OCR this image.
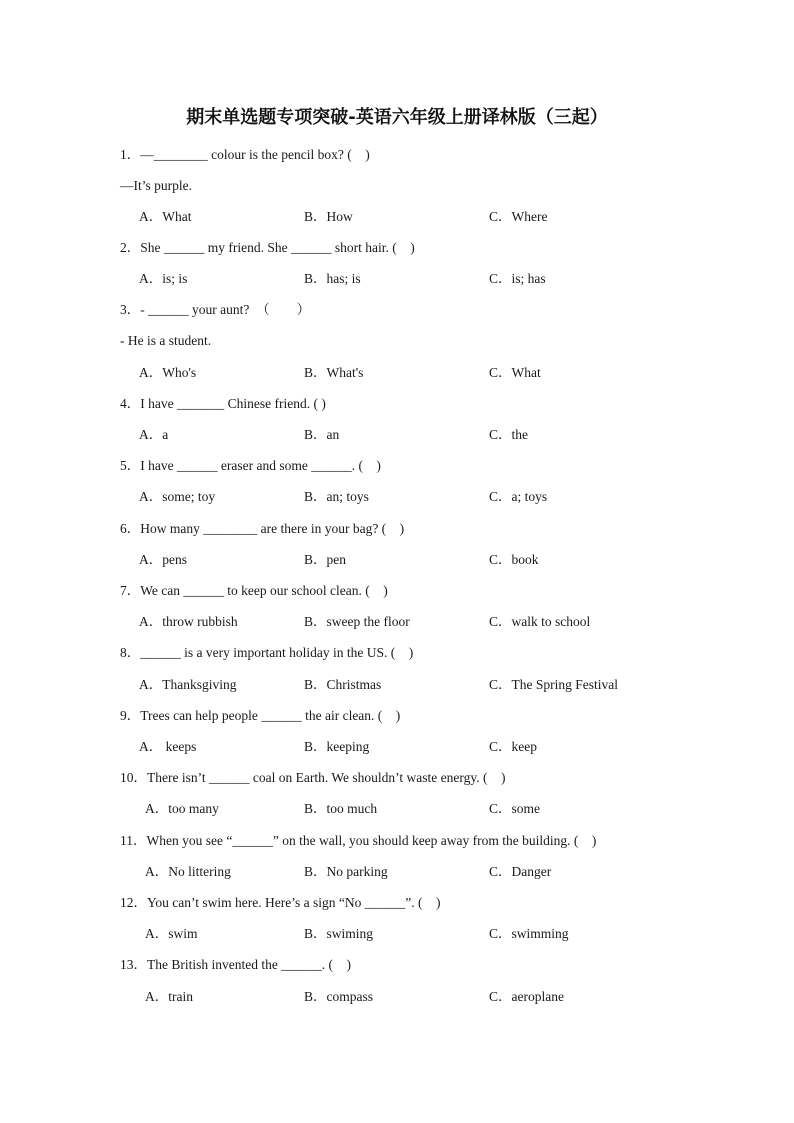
期末单选题专项突破-英语六年级上册译林版（三起）
1．—________ colour is the pencil box? (　)
—It’s purple.
A．What	B．How	C．Where
2．She ______ my friend. She ______ short hair. (　)
A．is; is	B．has; is	C．is; has
3．- ______ your aunt?　（　　）
- He is a student.
A．Who's	B．What's	C．What
4．I have _______ Chinese friend. ( )
A．a	B．an	C．the
5．I have ______ eraser and some ______. (　)
A．some; toy	B．an; toys	C．a; toys
6．How many ________ are there in your bag? (　)
A．pens	B．pen	C．book
7．We can ______ to keep our school clean. (　)
A．throw rubbish	B．sweep the floor	C．walk to school
8．______ is a very important holiday in the US. (　)
A．Thanksgiving	B．Christmas	C．The Spring Festival
9．Trees can help people ______ the air clean. (　)
A． keeps	B．keeping	C．keep
10．There isn’t ______ coal on Earth. We shouldn’t waste energy. (　)
A．too many	B．too much	C．some
11．When you see “______” on the wall, you should keep away from the building. (　)
A．No littering	B．No parking	C．Danger
12．You can’t swim here. Here’s a sign “No ______”. (　)
A．swim	B．swiming	C．swimming
13．The British invented the ______. (　)
A．train	B．compass	C．aeroplane
